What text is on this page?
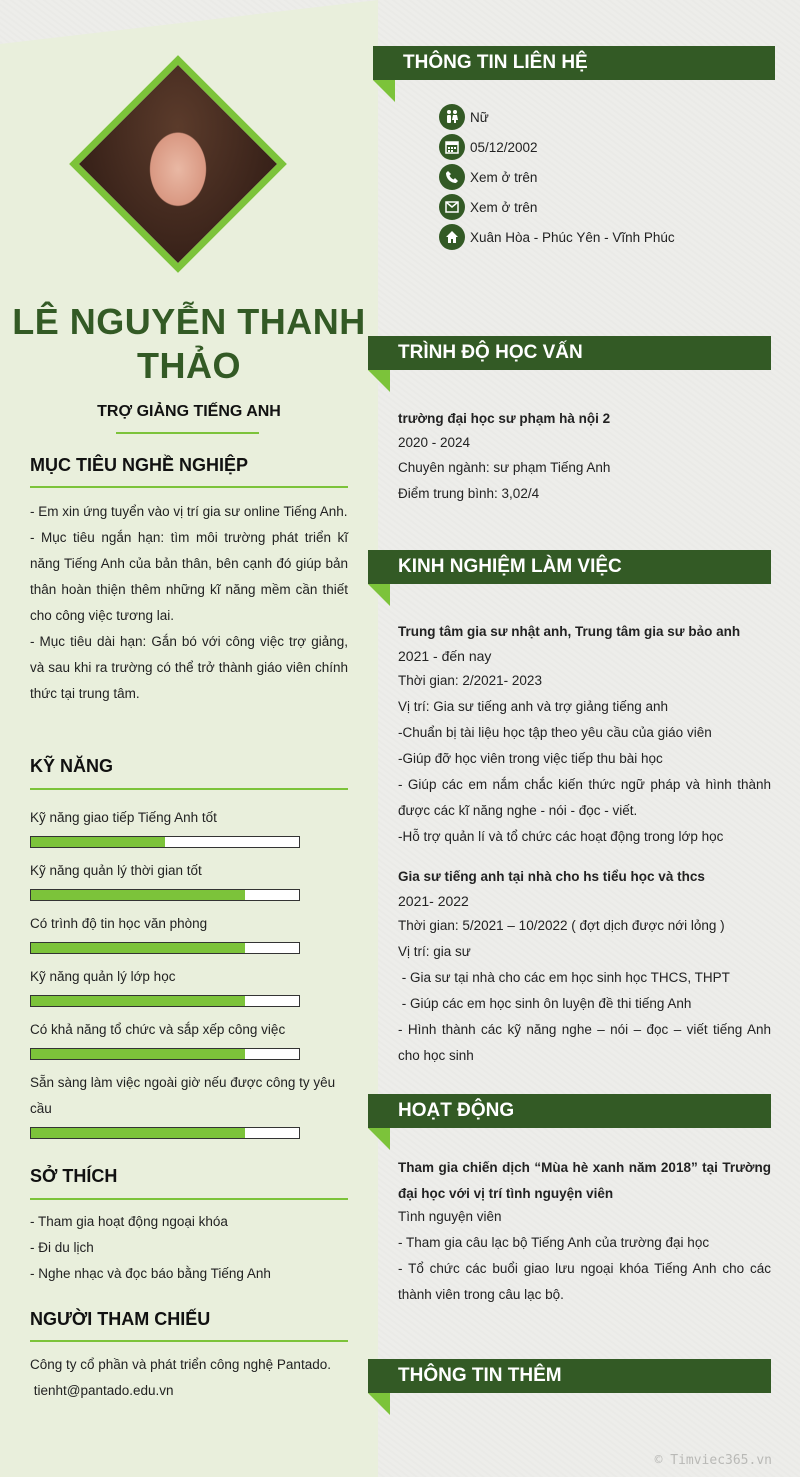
LÊ NGUYỄN THANH
THẢO
TRỢ GIẢNG TIẾNG ANH
MỤC TIÊU NGHỀ NGHIỆP
- Em xin ứng tuyển vào vị trí gia sư online Tiếng Anh.
- Mục tiêu ngắn hạn: tìm môi trường phát triển kĩ năng Tiếng Anh của bản thân, bên cạnh đó giúp bản thân hoàn thiện thêm những kĩ năng mềm cần thiết cho công việc tương lai.
- Mục tiêu dài hạn: Gắn bó với công việc trợ giảng, và sau khi ra trường có thể trở thành giáo viên chính thức tại trung tâm.
KỸ NĂNG
Kỹ năng giao tiếp Tiếng Anh tốt
Kỹ năng quản lý thời gian tốt
Có trình độ tin học văn phòng
Kỹ năng quản lý lớp học
Có khả năng tổ chức và sắp xếp công việc
Sẵn sàng làm việc ngoài giờ nếu được công ty yêu cầu
SỞ THÍCH
- Tham gia hoạt động ngoại khóa
- Đi du lịch
- Nghe nhạc và đọc báo bằng Tiếng Anh
NGƯỜI THAM CHIẾU
Công ty cổ phần và phát triển công nghệ Pantado.
tienht@pantado.edu.vn
THÔNG TIN LIÊN HỆ
Nữ
05/12/2002
Xem ở trên
Xem ở trên
Xuân Hòa - Phúc Yên - Vĩnh Phúc
TRÌNH ĐỘ HỌC VẤN
trường đại học sư phạm hà nội 2
2020 - 2024
Chuyên ngành: sư phạm Tiếng Anh
Điểm trung bình: 3,02/4
KINH NGHIỆM LÀM VIỆC
Trung tâm gia sư nhật anh, Trung tâm gia sư bảo anh
2021 - đến nay
Thời gian: 2/2021- 2023
Vị trí: Gia sư tiếng anh và trợ giảng tiếng anh
-Chuẩn bị tài liệu học tập theo yêu cầu của giáo viên
-Giúp đỡ học viên trong việc tiếp thu bài học
- Giúp các em nắm chắc kiến thức ngữ pháp và hình thành được các kĩ năng nghe - nói - đọc - viết.
-Hỗ trợ quản lí và tổ chức các hoạt động trong lớp học
Gia sư tiếng anh tại nhà cho hs tiểu học và thcs
2021- 2022
Thời gian: 5/2021 – 10/2022 ( đợt dịch được nới lỏng )
Vị trí: gia sư
- Gia sư tại nhà cho các em học sinh học THCS, THPT
- Giúp các em học sinh ôn luyện đề thi tiếng Anh
- Hình thành các kỹ năng nghe – nói – đọc – viết tiếng Anh cho học sinh
HOẠT ĐỘNG
Tham gia chiến dịch “Mùa hè xanh năm 2018” tại Trường đại học với vị trí tình nguyện viên
Tình nguyện viên
- Tham gia câu lạc bộ Tiếng Anh của trường đại học
- Tổ chức các buổi giao lưu ngoại khóa Tiếng Anh cho các thành viên trong câu lạc bộ.
THÔNG TIN THÊM
© Timviec365.vn
